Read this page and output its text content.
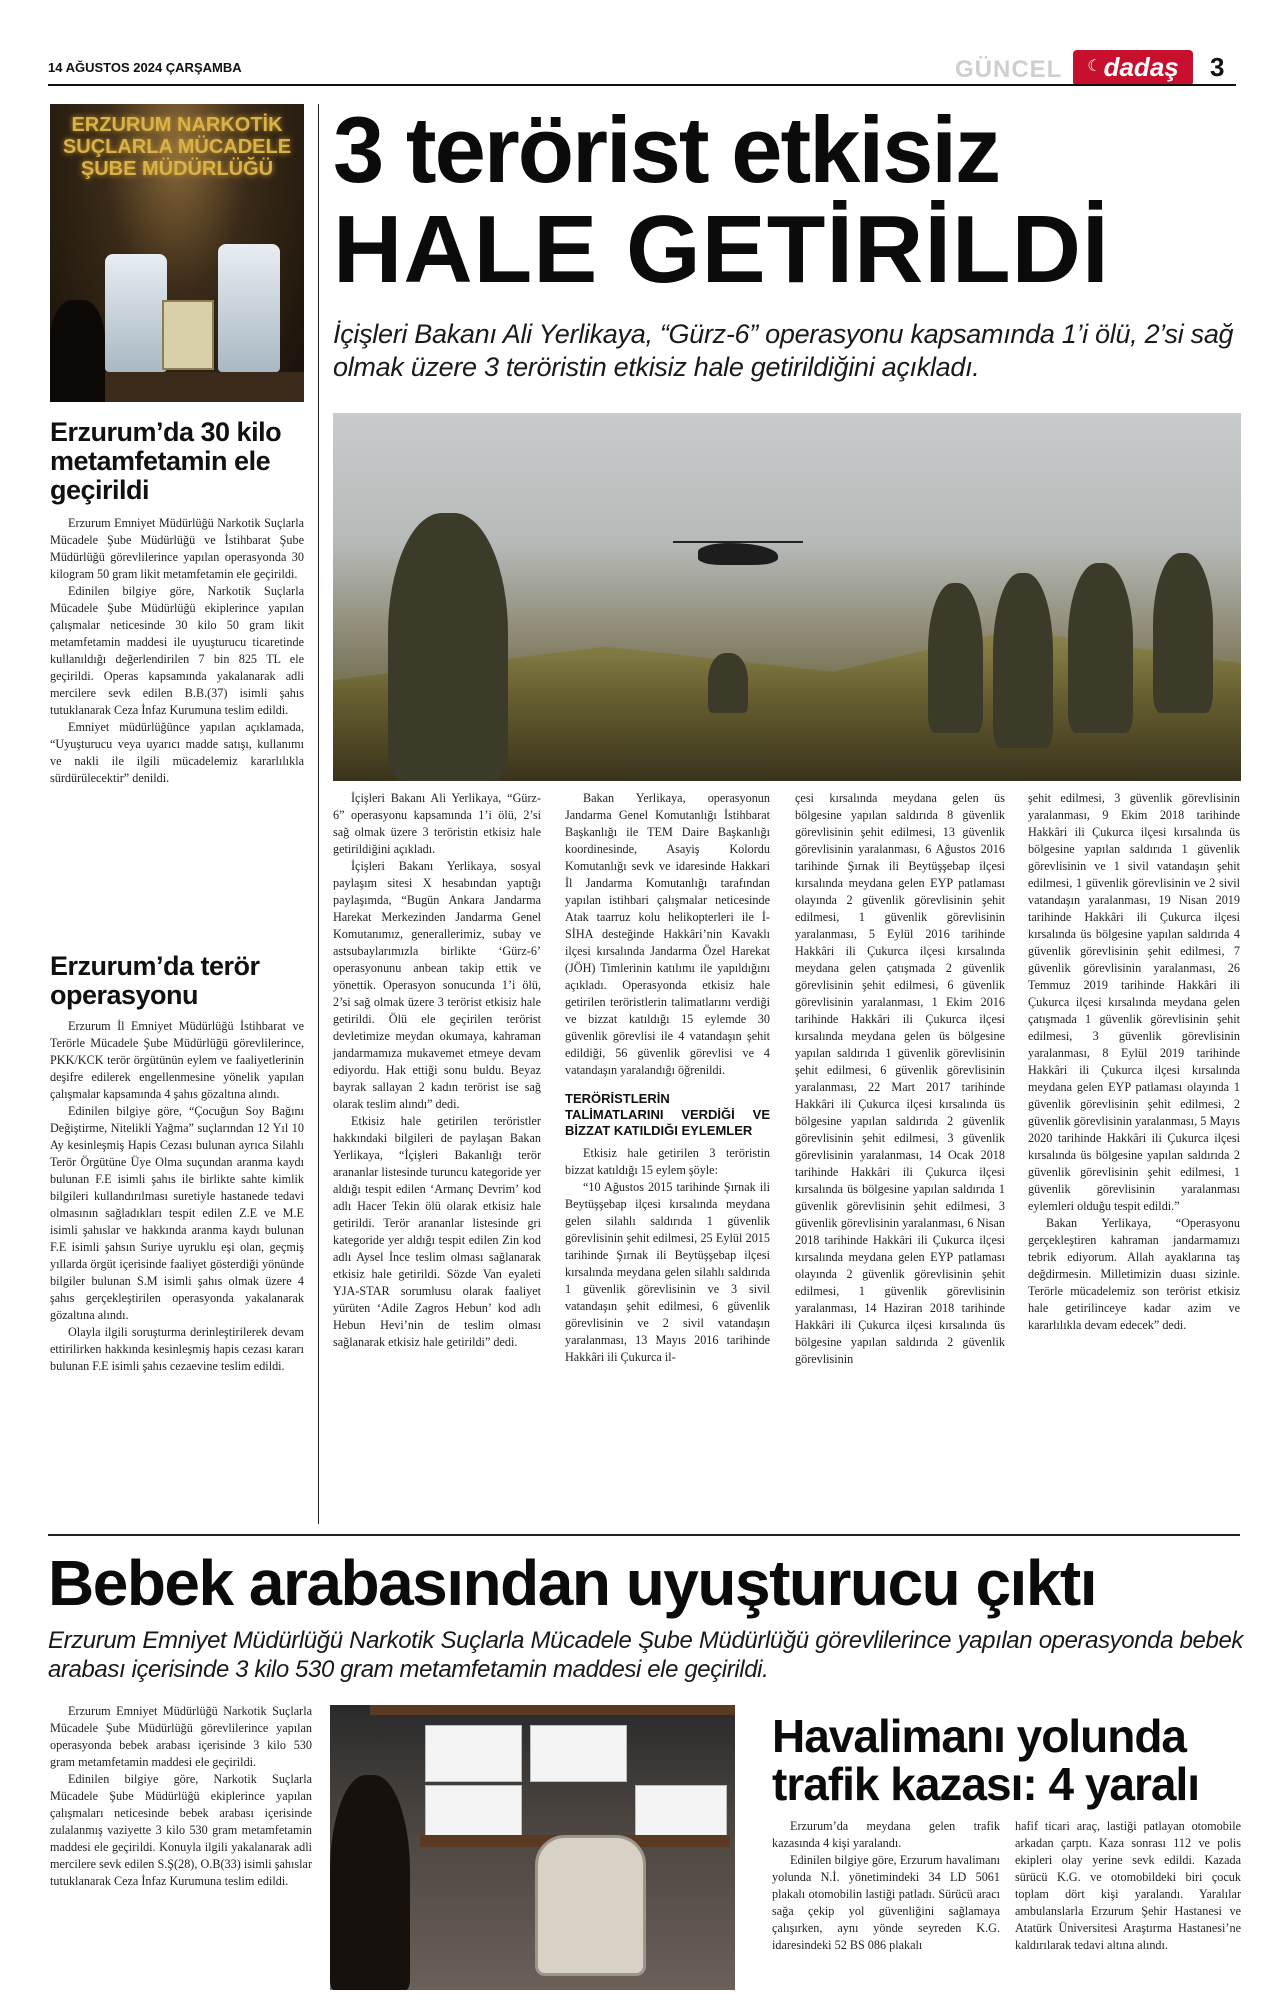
14 AĞUSTOS 2024 ÇARŞAMBA	GÜNCEL	☾dadaş	3
ERZURUM NARKOTİK SUÇLARLA MÜCADELE ŞUBE MÜDÜRLÜĞÜ
Erzurum’da 30 kilo metamfetamin ele geçirildi

Erzurum Emniyet Müdürlüğü Narkotik Suçlarla Mücadele Şube Müdürlüğü ve İstihbarat Şube Müdürlüğü görevlilerince yapılan operasyonda 30 kilogram 50 gram likit metamfetamin ele geçirildi.

Edinilen bilgiye göre, Narkotik Suçlarla Mücadele Şube Müdürlüğü ekiplerince yapılan çalışmalar neticesinde 30 kilo 50 gram likit metamfetamin maddesi ile uyuşturucu ticaretinde kullanıldığı değerlendirilen 7 bin 825 TL ele geçirildi. Operas kapsamında yakalanarak adli mercilere sevk edilen B.B.(37) isimli şahıs tutuklanarak Ceza İnfaz Kurumuna teslim edildi.

Emniyet müdürlüğünce yapılan açıklamada, “Uyuşturucu veya uyarıcı madde satışı, kullanımı ve nakli ile ilgili mücadelemiz kararlılıkla sürdürülecektir” denildi.

Erzurum’da terör operasyonu

Erzurum İl Emniyet Müdürlüğü İstihbarat ve Terörle Mücadele Şube Müdürlüğü görevlilerince, PKK/KCK terör örgütünün eylem ve faaliyetlerinin deşifre edilerek engellenmesine yönelik yapılan çalışmalar kapsamında 4 şahıs gözaltına alındı.

Edinilen bilgiye göre, “Çocuğun Soy Bağını Değiştirme, Nitelikli Yağma” suçlarından 12 Yıl 10 Ay kesinleşmiş Hapis Cezası bulunan ayrıca Silahlı Terör Örgütüne Üye Olma suçundan aranma kaydı bulunan F.E isimli şahıs ile birlikte sahte kimlik bilgileri kullandırılması suretiyle hastanede tedavi olmasının sağladıkları tespit edilen Z.E ve M.E isimli şahıslar ve hakkında aranma kaydı bulunan F.E isimli şahsın Suriye uyruklu eşi olan, geçmiş yıllarda örgüt içerisinde faaliyet gösterdiği yönünde bilgiler bulunan S.M isimli şahıs olmak üzere 4 şahıs gerçekleştirilen operasyonda yakalanarak gözaltına alındı.

Olayla ilgili soruşturma derinleştirilerek devam ettirilirken hakkında kesinleşmiş hapis cezası kararı bulunan F.E isimli şahıs cezaevine teslim edildi.

3 terörist etkisiz
HALE GETİRİLDİ
İçişleri Bakanı Ali Yerlikaya, “Gürz-6” operasyonu kapsamında 1’i ölü, 2’si sağ olmak üzere 3 teröristin etkisiz hale getirildiğini açıkladı.

İçişleri Bakanı Ali Yerlikaya, “Gürz-6” operasyonu kapsamında 1’i ölü, 2’si sağ olmak üzere 3 teröristin etkisiz hale getirildiğini açıkladı.

İçişleri Bakanı Yerlikaya, sosyal paylaşım sitesi X hesabından yaptığı paylaşımda, “Bugün Ankara Jandarma Harekat Merkezinden Jandarma Genel Komutanımız, generallerimiz, subay ve astsubaylarımızla birlikte ‘Gürz-6’ operasyonunu anbean takip ettik ve yönettik. Operasyon sonucunda 1’i ölü, 2’si sağ olmak üzere 3 terörist etkisiz hale getirildi. Ölü ele geçirilen terörist devletimize meydan okumaya, kahraman jandarmamıza mukavemet etmeye devam ediyordu. Hak ettiği sonu buldu. Beyaz bayrak sallayan 2 kadın terörist ise sağ olarak teslim alındı” dedi.

Etkisiz hale getirilen teröristler hakkındaki bilgileri de paylaşan Bakan Yerlikaya, “İçişleri Bakanlığı terör arananlar listesinde turuncu kategoride yer aldığı tespit edilen ‘Armanç Devrim’ kod adlı Hacer Tekin ölü olarak etkisiz hale getirildi. Terör arananlar listesinde gri kategoride yer aldığı tespit edilen Zin kod adlı Aysel İnce teslim olması sağlanarak etkisiz hale getirildi. Sözde Van eyaleti YJA-STAR sorumlusu olarak faaliyet yürüten ‘Adile Zagros Hebun’ kod adlı Hebun Hevi’nin de teslim olması sağlanarak etkisiz hale getirildi” dedi.

Bakan Yerlikaya, operasyonun Jandarma Genel Komutanlığı İstihbarat Başkanlığı ile TEM Daire Başkanlığı koordinesinde, Asayiş Kolordu Komutanlığı sevk ve idaresinde Hakkari İl Jandarma Komutanlığı tarafından yapılan istihbari çalışmalar neticesinde Atak taarruz kolu helikopterleri ile İ-SİHA desteğinde Hakkâri’nin Kavaklı ilçesi kırsalında Jandarma Özel Harekat (JÖH) Timlerinin katılımı ile yapıldığını açıkladı. Operasyonda etkisiz hale getirilen teröristlerin talimatlarını verdiği ve bizzat katıldığı 15 eylemde 30 güvenlik görevlisi ile 4 vatandaşın şehit edildiği, 56 güvenlik görevlisi ve 4 vatandaşın yaralandığı öğrenildi.

TERÖRİSTLERİN TALİMATLARINI VERDİĞİ VE BİZZAT KATILDIĞI EYLEMLER

Etkisiz hale getirilen 3 teröristin bizzat katıldığı 15 eylem şöyle:

“10 Ağustos 2015 tarihinde Şırnak ili Beytüşşebap ilçesi kırsalında meydana gelen silahlı saldırıda 1 güvenlik görevlisinin şehit edilmesi, 25 Eylül 2015 tarihinde Şırnak ili Beytüşşebap ilçesi kırsalında meydana gelen silahlı saldırıda 1 güvenlik görevlisinin ve 3 sivil vatandaşın şehit edilmesi, 6 güvenlik görevlisinin ve 2 sivil vatandaşın yaralanması, 13 Mayıs 2016 tarihinde Hakkâri ili Çukurca il-

çesi kırsalında meydana gelen üs bölgesine yapılan saldırıda 8 güvenlik görevlisinin şehit edilmesi, 13 güvenlik görevlisinin yaralanması, 6 Ağustos 2016 tarihinde Şırnak ili Beytüşşebap ilçesi kırsalında meydana gelen EYP patlaması olayında 2 güvenlik görevlisinin şehit edilmesi, 1 güvenlik görevlisinin yaralanması, 5 Eylül 2016 tarihinde Hakkâri ili Çukurca ilçesi kırsalında meydana gelen çatışmada 2 güvenlik görevlisinin şehit edilmesi, 6 güvenlik görevlisinin yaralanması, 1 Ekim 2016 tarihinde Hakkâri ili Çukurca ilçesi kırsalında meydana gelen üs bölgesine yapılan saldırıda 1 güvenlik görevlisinin şehit edilmesi, 6 güvenlik görevlisinin yaralanması, 22 Mart 2017 tarihinde Hakkâri ili Çukurca ilçesi kırsalında üs bölgesine yapılan saldırıda 2 güvenlik görevlisinin şehit edilmesi, 3 güvenlik görevlisinin yaralanması, 14 Ocak 2018 tarihinde Hakkâri ili Çukurca ilçesi kırsalında üs bölgesine yapılan saldırıda 1 güvenlik görevlisinin şehit edilmesi, 3 güvenlik görevlisinin yaralanması, 6 Nisan 2018 tarihinde Hakkâri ili Çukurca ilçesi kırsalında meydana gelen EYP patlaması olayında 2 güvenlik görevlisinin şehit edilmesi, 1 güvenlik görevlisinin yaralanması, 14 Haziran 2018 tarihinde Hakkâri ili Çukurca ilçesi kırsalında üs bölgesine yapılan saldırıda 2 güvenlik görevlisinin

şehit edilmesi, 3 güvenlik görevlisinin yaralanması, 9 Ekim 2018 tarihinde Hakkâri ili Çukurca ilçesi kırsalında üs bölgesine yapılan saldırıda 1 güvenlik görevlisinin ve 1 sivil vatandaşın şehit edilmesi, 1 güvenlik görevlisinin ve 2 sivil vatandaşın yaralanması, 19 Nisan 2019 tarihinde Hakkâri ili Çukurca ilçesi kırsalında üs bölgesine yapılan saldırıda 4 güvenlik görevlisinin şehit edilmesi, 7 güvenlik görevlisinin yaralanması, 26 Temmuz 2019 tarihinde Hakkâri ili Çukurca ilçesi kırsalında meydana gelen çatışmada 1 güvenlik görevlisinin şehit edilmesi, 3 güvenlik görevlisinin yaralanması, 8 Eylül 2019 tarihinde Hakkâri ili Çukurca ilçesi kırsalında meydana gelen EYP patlaması olayında 1 güvenlik görevlisinin şehit edilmesi, 2 güvenlik görevlisinin yaralanması, 5 Mayıs 2020 tarihinde Hakkâri ili Çukurca ilçesi kırsalında üs bölgesine yapılan saldırıda 2 güvenlik görevlisinin şehit edilmesi, 1 güvenlik görevlisinin yaralanması eylemleri olduğu tespit edildi.”

Bakan Yerlikaya, “Operasyonu gerçekleştiren kahraman jandarmamızı tebrik ediyorum. Allah ayaklarına taş değdirmesin. Milletimizin duası sizinle. Terörle mücadelemiz son terörist etkisiz hale getirilinceye kadar azim ve kararlılıkla devam edecek” dedi.

Bebek arabasından uyuşturucu çıktı
Erzurum Emniyet Müdürlüğü Narkotik Suçlarla Mücadele Şube Müdürlüğü görevlilerince yapılan operasyonda bebek arabası içerisinde 3 kilo 530 gram metamfetamin maddesi ele geçirildi.

Erzurum Emniyet Müdürlüğü Narkotik Suçlarla Mücadele Şube Müdürlüğü görevlilerince yapılan operasyonda bebek arabası içerisinde 3 kilo 530 gram metamfetamin maddesi ele geçirildi.

Edinilen bilgiye göre, Narkotik Suçlarla Mücadele Şube Müdürlüğü ekiplerince yapılan çalışmaları neticesinde bebek arabası içerisinde zulalanmış vaziyette 3 kilo 530 gram metamfetamin maddesi ele geçirildi. Konuyla ilgili yakalanarak adli mercilere sevk edilen S.Ş(28), O.B(33) isimli şahıslar tutuklanarak Ceza İnfaz Kurumuna teslim edildi.

Havalimanı yolunda trafik kazası: 4 yaralı

Erzurum’da meydana gelen trafik kazasında 4 kişi yaralandı.

Edinilen bilgiye göre, Erzurum havalimanı yolunda N.İ. yönetimindeki 34 LD 5061 plakalı otomobilin lastiği patladı. Sürücü aracı sağa çekip yol güvenliğini sağlamaya çalışırken, aynı yönde seyreden K.G. idaresindeki 52 BS 086 plakalı

hafif ticari araç, lastiği patlayan otomobile arkadan çarptı. Kaza sonrası 112 ve polis ekipleri olay yerine sevk edildi. Kazada sürücü K.G. ve otomobildeki biri çocuk toplam dört kişi yaralandı. Yaralılar ambulanslarla Erzurum Şehir Hastanesi ve Atatürk Üniversitesi Araştırma Hastanesi’ne kaldırılarak tedavi altına alındı.
